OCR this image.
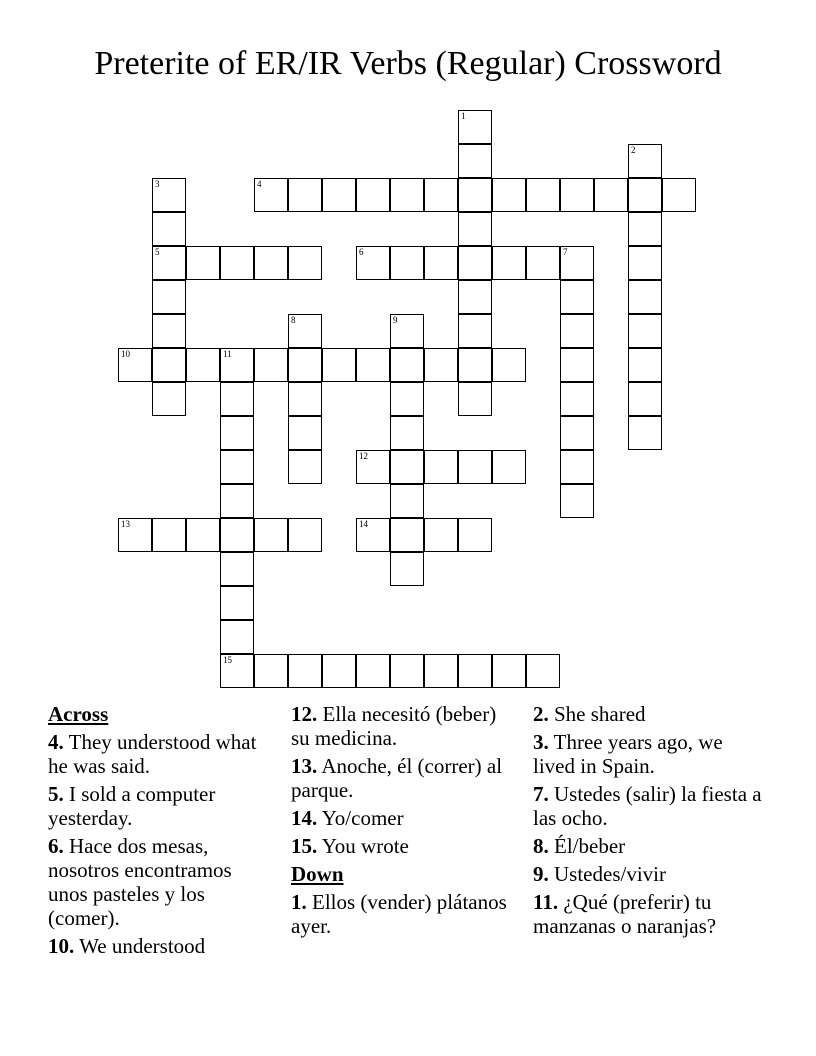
Preterite of ER/IR Verbs (Regular) Crossword
1
2
3
5
4
6	7
8	9
10	11
15
12
13	14
Across
4. They understood what he was said.
5. I sold a computer yesterday.
6. Hace dos mesas, nosotros encontramos unos pasteles y los (comer).
10. We understood
12. Ella necesitó (beber) su medicina.
13. Anoche, él (correr) al parque.
14. Yo/comer
15. You wrote
Down
1. Ellos (vender) plátanos ayer.
2. She shared
3. Three years ago, we lived in Spain.
7. Ustedes (salir) la fiesta a las ocho.
8. Él/beber
9. Ustedes/vivir
11. ¿Qué (preferir) tu manzanas o naranjas?
